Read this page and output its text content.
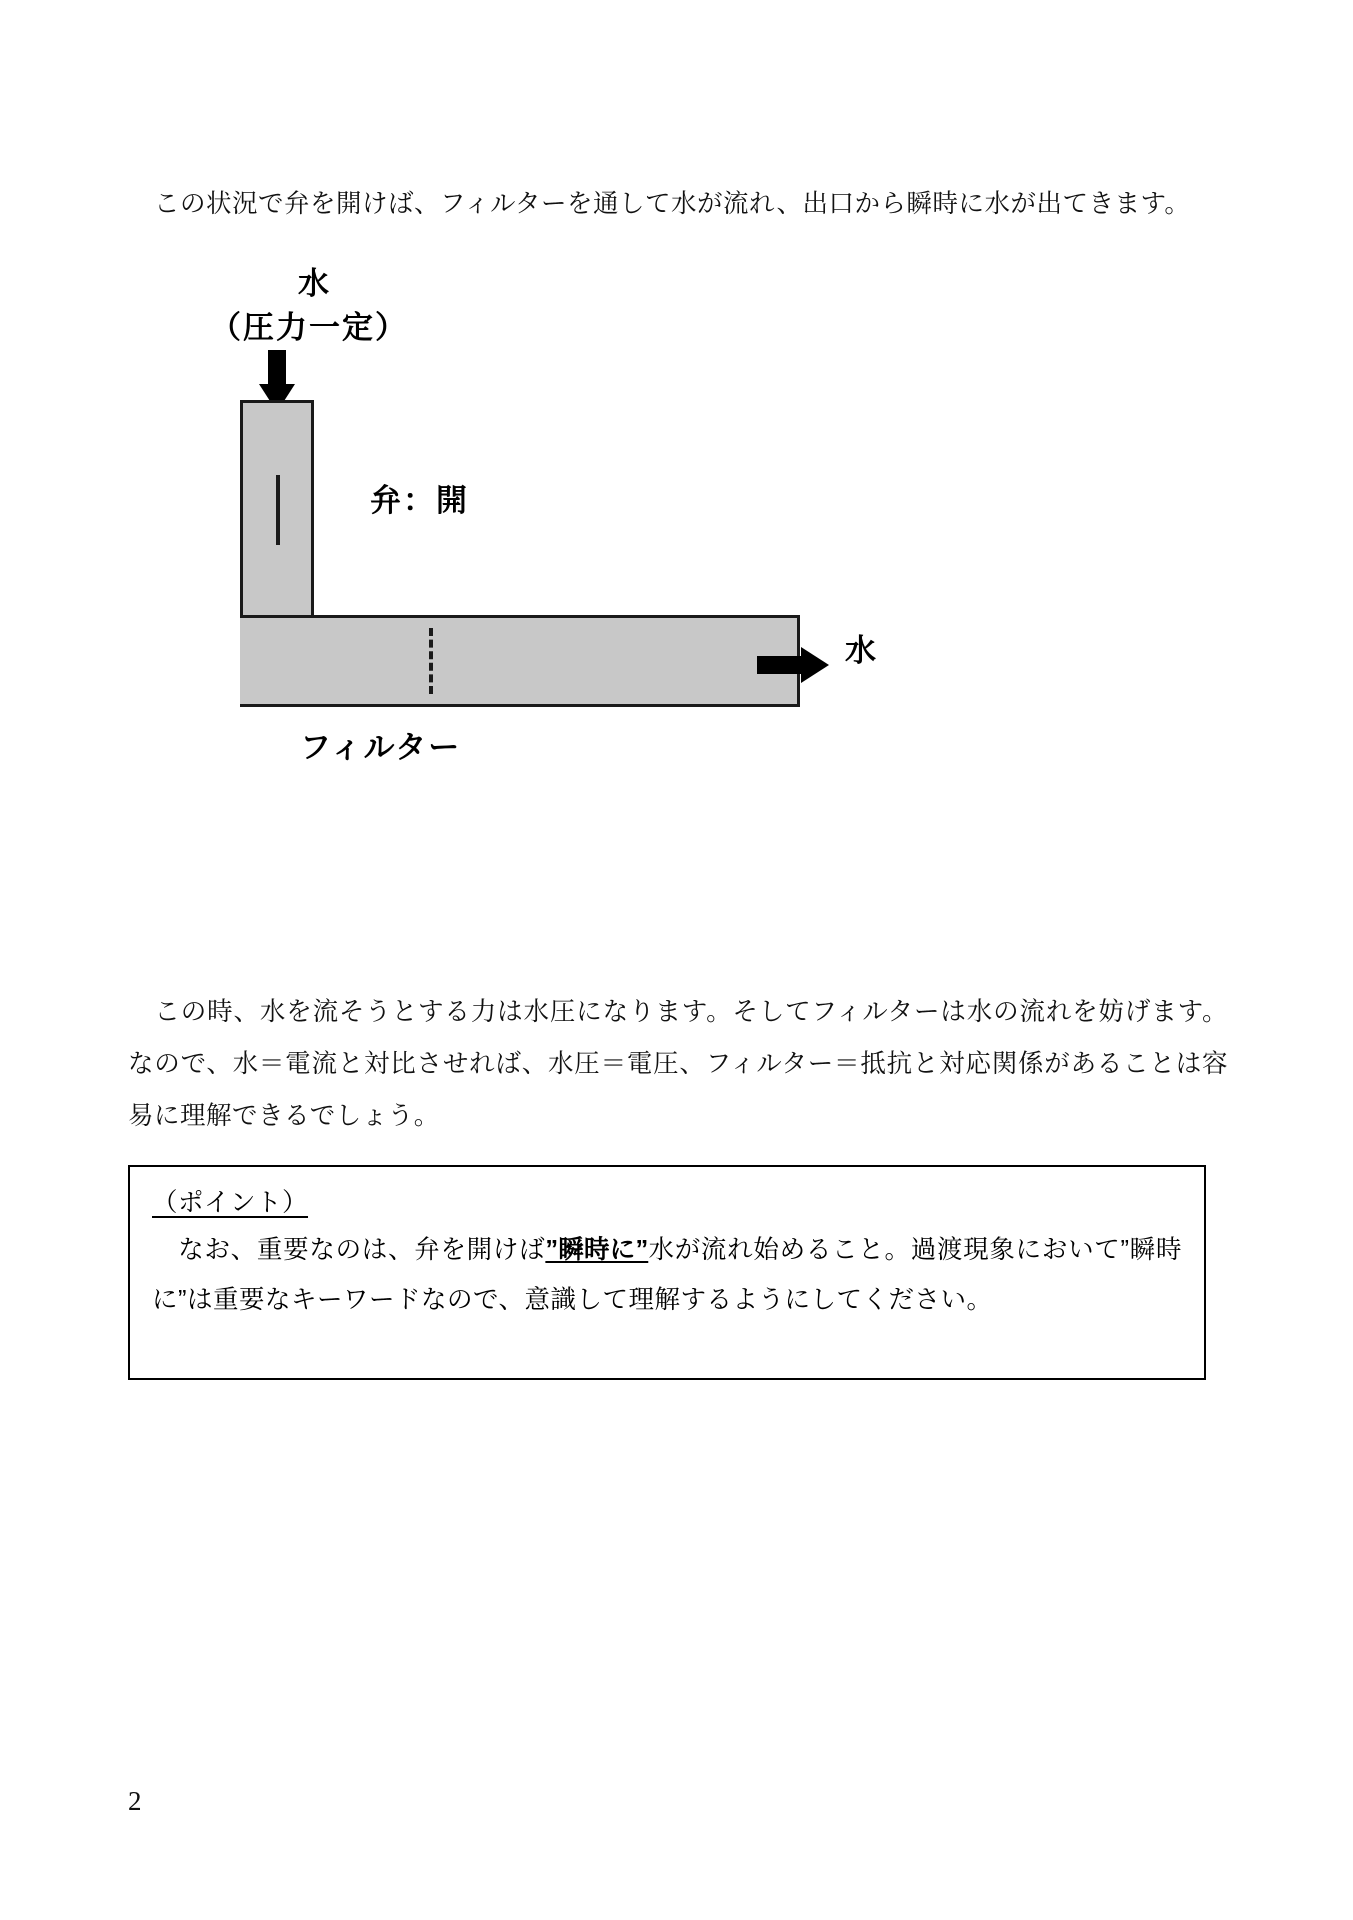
　この状況で弁を開けば、フィルターを通して水が流れ、出口から瞬時に水が出てきます。

水
（圧力一定）
弁：開
フィルター
水

　この時、水を流そうとする力は水圧になります。そしてフィルターは水の流れを妨げます。なので、水＝電流と対比させれば、水圧＝電圧、フィルター＝抵抗と対応関係があることは容易に理解できるでしょう。

（ポイント）
　なお、重要なのは、弁を開けば”瞬時に”水が流れ始めること。過渡現象において”瞬時に”は重要なキーワードなので、意識して理解するようにしてください。
2
